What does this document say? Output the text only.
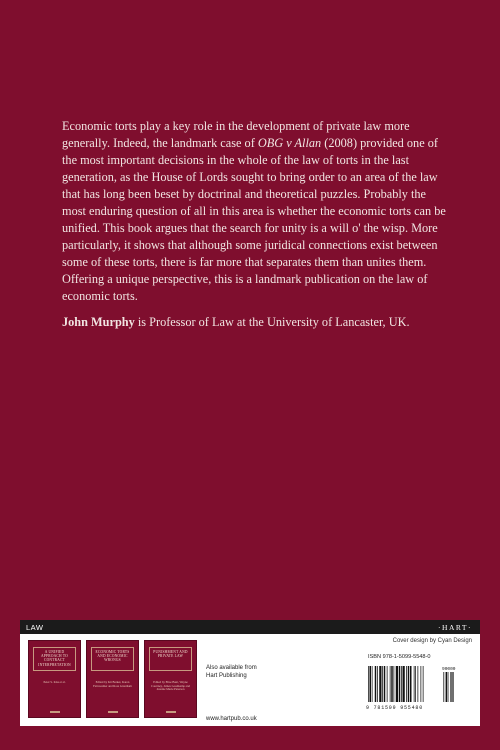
Economic torts play a key role in the development of private law more generally. Indeed, the landmark case of OBG v Allan (2008) provided one of the most important decisions in the whole of the law of torts in the last generation, as the House of Lords sought to bring order to an area of the law that has long been beset by doctrinal and theoretical puzzles. Probably the most enduring question of all in this area is whether the economic torts can be unified. This book argues that the search for unity is a will o' the wisp. More particularly, it shows that although some juridical connections exist between some of these torts, there is far more that separates them than unites them. Offering a unique perspective, this is a landmark publication on the law of economic torts.

John Murphy is Professor of Law at the University of Lancaster, UK.

LAW	·HART·
Cover design by Cyan Design
A UNIFIED APPROACH TO CONTRACT INTERPRETATION
Peter S. Kiss et al.
ECONOMIC TORTS AND ECONOMIC WRONGS
Edited by Kit Barker, Karen Fairweather and Ross Grantham
PUNISHMENT AND PRIVATE LAW
Edited by Elise Bant, Wayne Courtney, James Goudkamp and Jeannie Marie Paterson
Also available from
Hart Publishing
www.hartpub.co.uk
ISBN 978-1-5099-5548-0
90000
9 781509 955480
